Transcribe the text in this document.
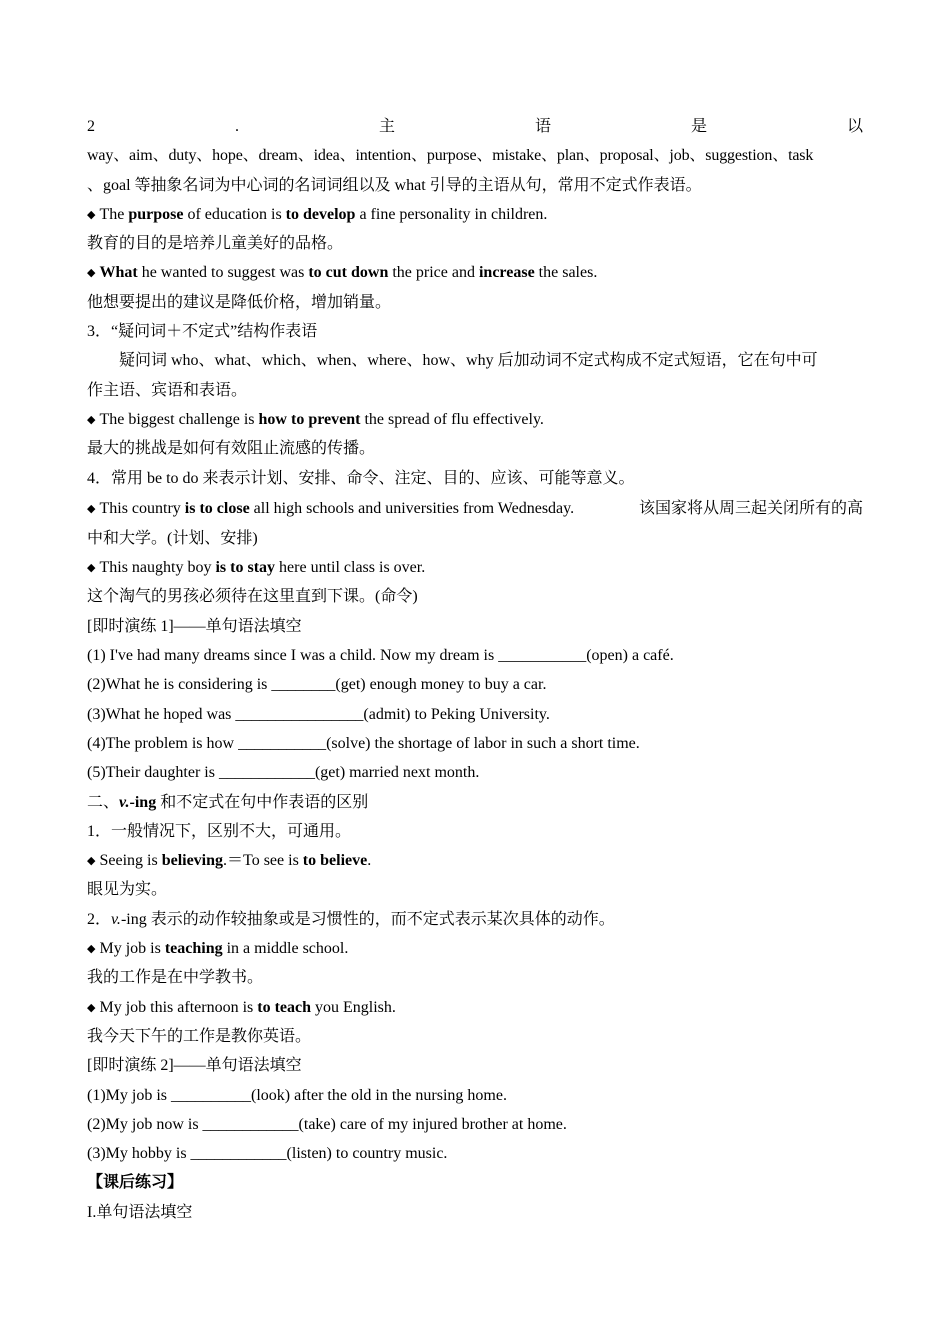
2	.	主	语	是	以
way、aim、duty、hope、dream、idea、intention、purpose、mistake、plan、proposal、job、suggestion、task
、goal 等抽象名词为中心词的名词词组以及 what 引导的主语从句，常用不定式作表语。
◆ The purpose of education is to develop a fine personality in children.
教育的目的是培养儿童美好的品格。
◆ What he wanted to suggest was to cut down the price and increase the sales.
他想要提出的建议是降低价格，增加销量。
3．“疑问词＋不定式”结构作表语
疑问词 who、what、which、when、where、how、why 后加动词不定式构成不定式短语，它在句中可
作主语、宾语和表语。
◆ The biggest challenge is how to prevent the spread of flu effectively.
最大的挑战是如何有效阻止流感的传播。
4．常用 be to do 来表示计划、安排、命令、注定、目的、应该、可能等意义。
◆ This country is to close all high schools and universities from Wednesday.	该国家将从周三起关闭所有的高
中和大学。(计划、安排)
◆ This naughty boy is to stay here until class is over.
这个淘气的男孩必须待在这里直到下课。(命令)
[即时演练 1]——单句语法填空
(1) I've had many dreams since I was a child. Now my dream is ___________(open) a café.
(2)What he is considering is ________(get) enough money to buy a car.
(3)What he hoped was ________________(admit) to Peking University.
(4)The problem is how ___________(solve) the shortage of labor in such a short time.
(5)Their daughter is ____________(get) married next month.
二、v.-ing 和不定式在句中作表语的区别
1．一般情况下，区别不大，可通用。
◆ Seeing is believing.＝To see is to believe.
眼见为实。
2．v.-ing 表示的动作较抽象或是习惯性的，而不定式表示某次具体的动作。
◆ My job is teaching in a middle school.
我的工作是在中学教书。
◆ My job this afternoon is to teach you English.
我今天下午的工作是教你英语。
[即时演练 2]——单句语法填空
(1)My job is __________(look) after the old in the nursing home.
(2)My job now is ____________(take) care of my injured brother at home.
(3)My hobby is ____________(listen) to country music.
【课后练习】
I.单句语法填空
